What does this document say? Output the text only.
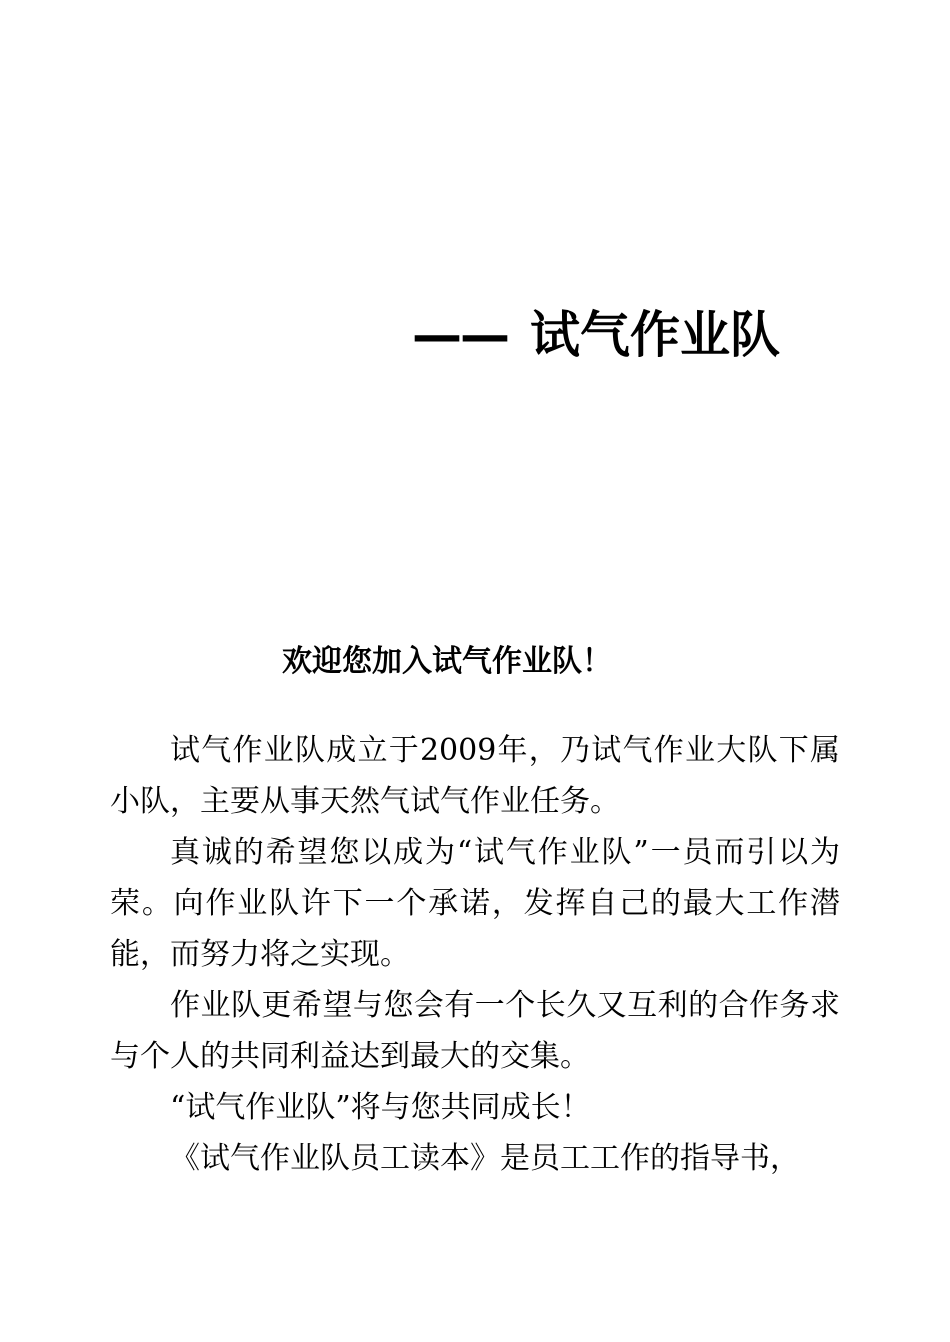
—— 试气作业队
欢迎您加入试气作业队！

试气作业队成立于2009年，乃试气作业大队下属小队，主要从事天然气试气作业任务。

真诚的希望您以成为“试气作业队”一员而引以为荣。向作业队许下一个承诺，发挥自己的最大工作潜能，而努力将之实现。

作业队更希望与您会有一个长久又互利的合作务求与个人的共同利益达到最大的交集。

“试气作业队”将与您共同成长！

《试气作业队员工读本》是员工工作的指导书，
